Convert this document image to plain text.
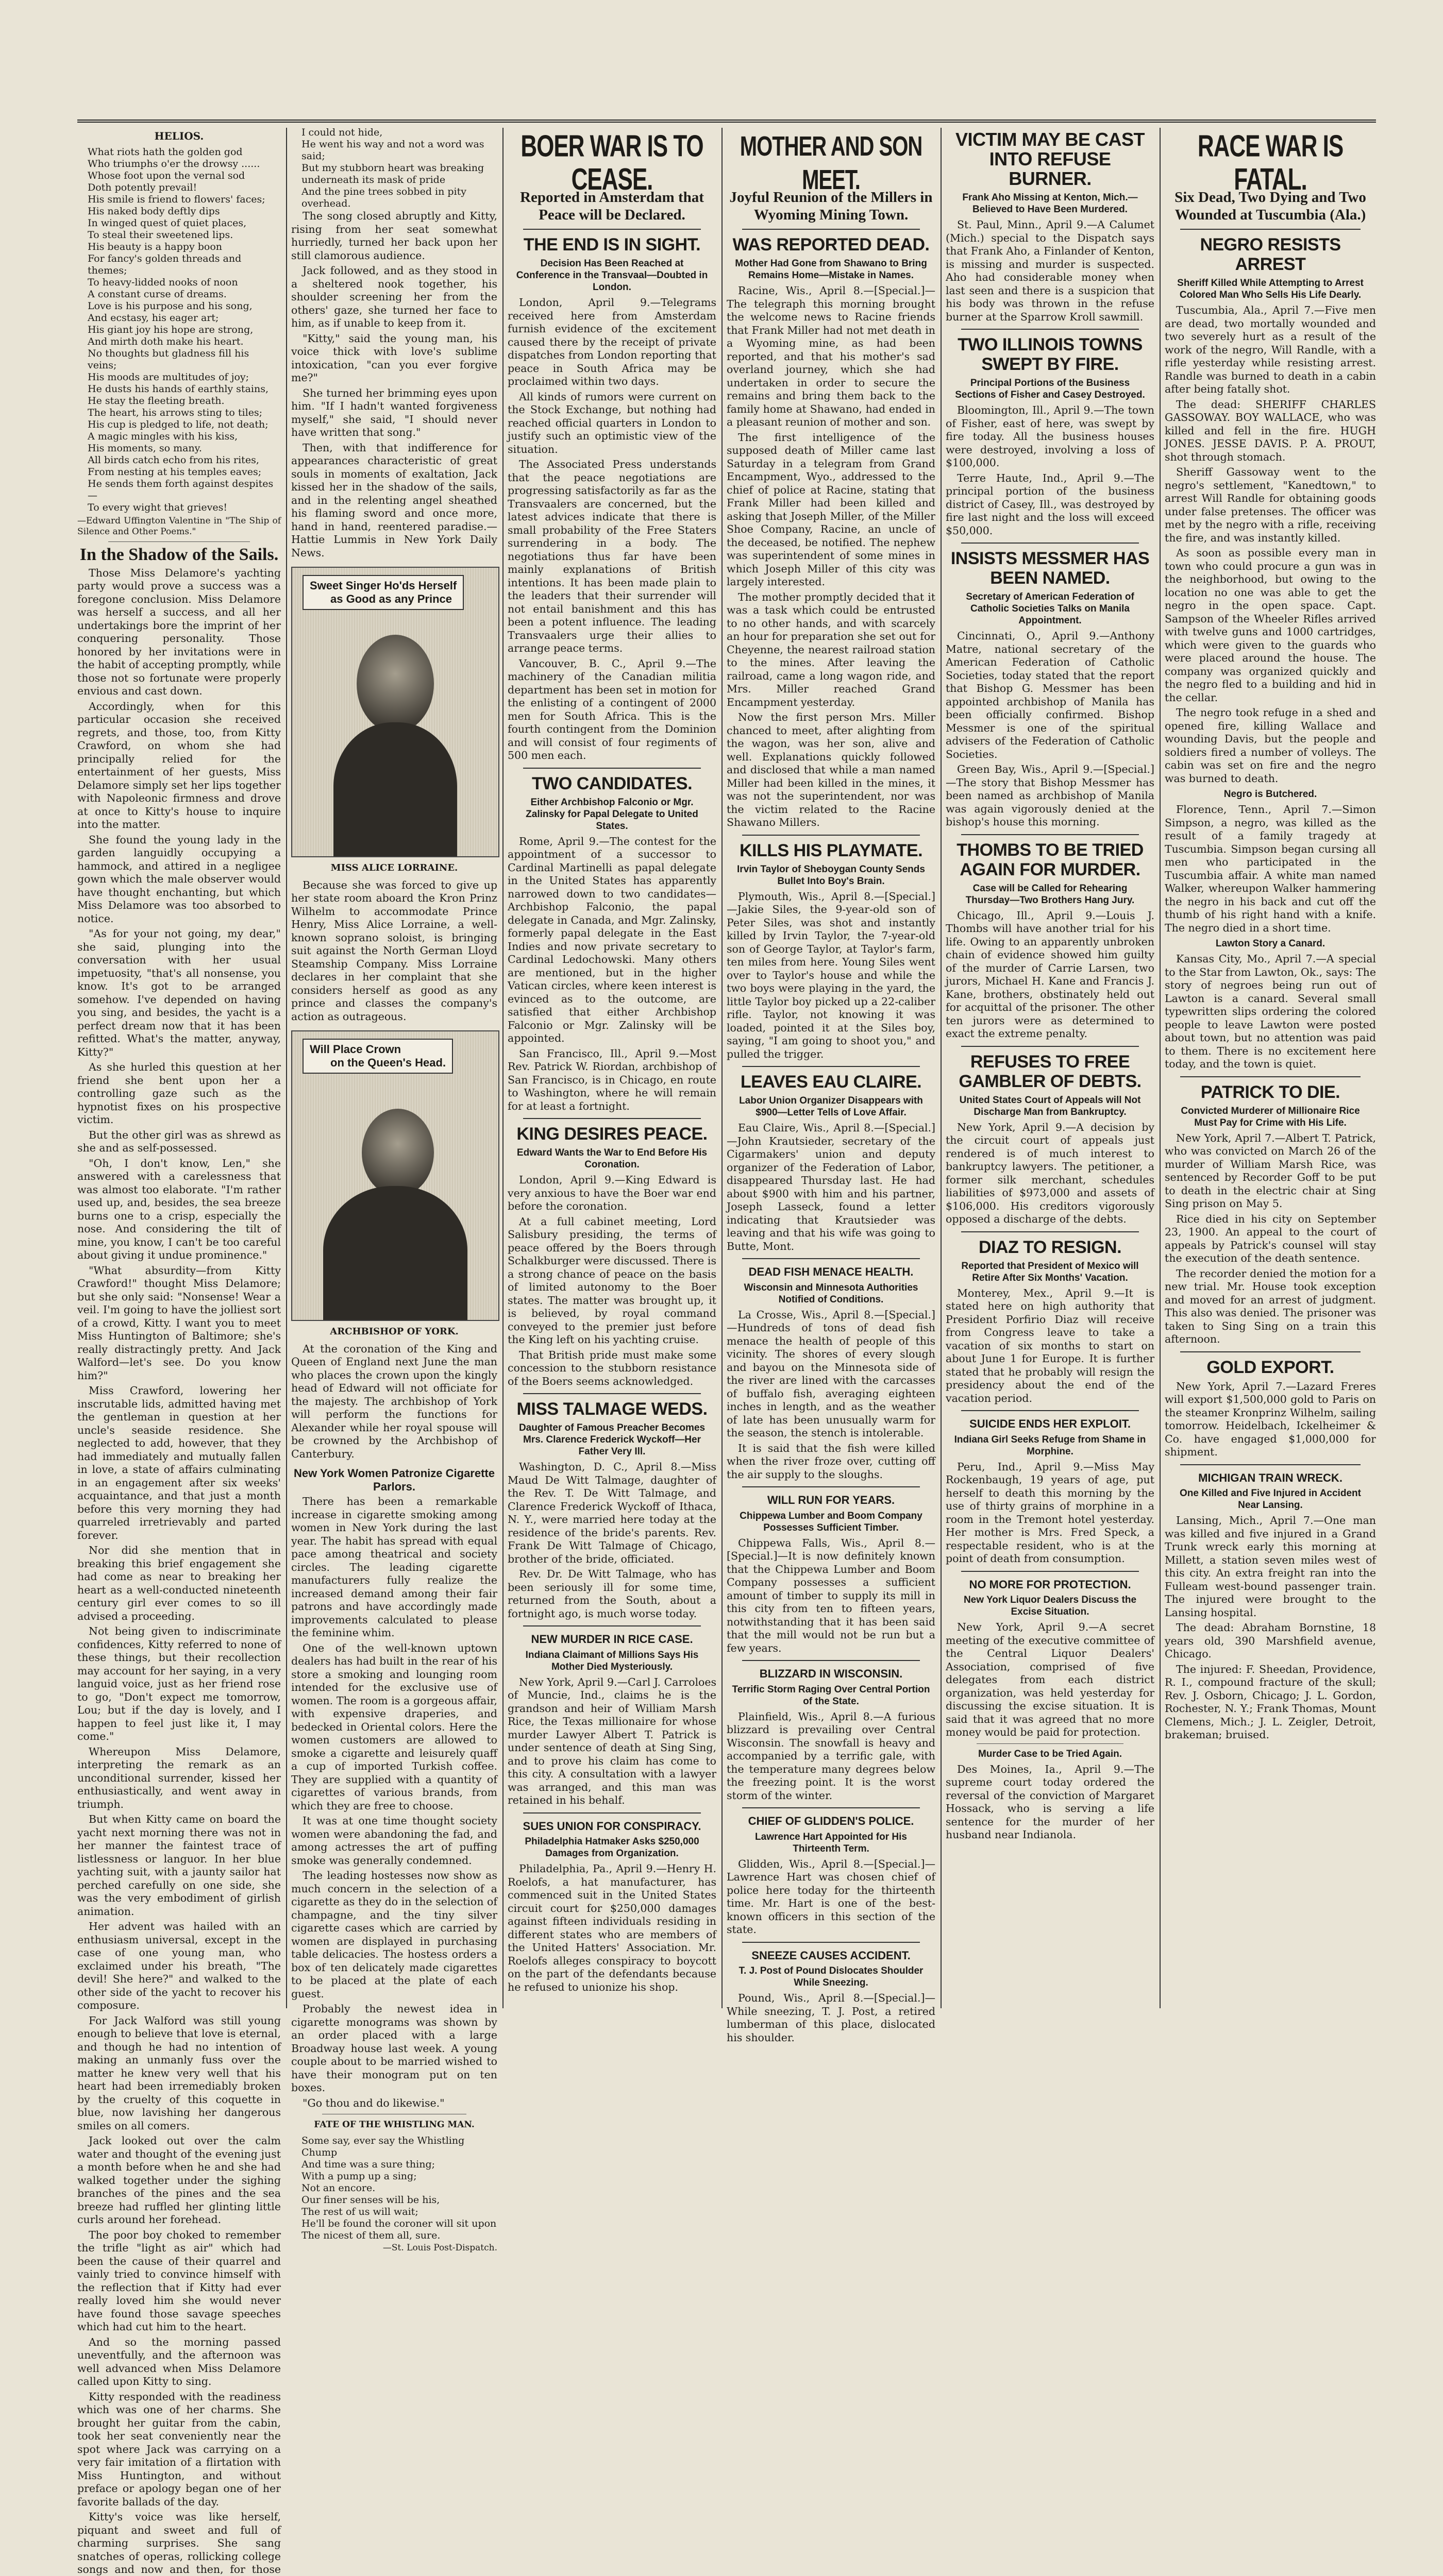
HELIOS.

What riots hath the golden god

Who triumphs o'er the drowsy ......

Whose foot upon the vernal sod

Doth potently prevail!

His smile is friend to flowers' faces;

His naked body deftly dips

In winged quest of quiet places,

To steal their sweetened lips.

His beauty is a happy boon

For fancy's golden threads and themes;

To heavy-lidded nooks of noon

A constant curse of dreams.

Love is his purpose and his song,

And ecstasy, his eager art;

His giant joy his hope are strong,

And mirth doth make his heart.

No thoughts but gladness fill his veins;

His moods are multitudes of joy;

He dusts his hands of earthly stains,

He stay the fleeting breath.

The heart, his arrows sting to tiles;

His cup is pledged to life, not death;

A magic mingles with his kiss,

His moments, so many.

All birds catch echo from his rites,

From nesting at his temples eaves;

He sends them forth against despites—

To every wight that grieves!

—Edward Uffington Valentine in "The Ship of Silence and Other Poems."
In the Shadow of the Sails.

Those Miss Delamore's yachting party would prove a success was a foregone conclusion. Miss Delamore was herself a success, and all her undertakings bore the imprint of her conquering personality. Those honored by her invitations were in the habit of accepting promptly, while those not so fortunate were properly envious and cast down.

Accordingly, when for this particular occasion she received regrets, and those, too, from Kitty Crawford, on whom she had principally relied for the entertainment of her guests, Miss Delamore simply set her lips together with Napoleonic firmness and drove at once to Kitty's house to inquire into the matter.

She found the young lady in the garden languidly occupying a hammock, and attired in a negligee gown which the male observer would have thought enchanting, but which Miss Delamore was too absorbed to notice.

"As for your not going, my dear," she said, plunging into the conversation with her usual impetuosity, "that's all nonsense, you know. It's got to be arranged somehow. I've depended on having you sing, and besides, the yacht is a perfect dream now that it has been refitted. What's the matter, anyway, Kitty?"

As she hurled this question at her friend she bent upon her a controlling gaze such as the hypnotist fixes on his prospective victim.

But the other girl was as shrewd as she and as self-possessed.

"Oh, I don't know, Len," she answered with a carelessness that was almost too elaborate. "I'm rather used up, and, besides, the sea breeze burns one to a crisp, especially the nose. And considering the tilt of mine, you know, I can't be too careful about giving it undue prominence."

"What absurdity—from Kitty Crawford!" thought Miss Delamore; but she only said: "Nonsense! Wear a veil. I'm going to have the jolliest sort of a crowd, Kitty. I want you to meet Miss Huntington of Baltimore; she's really distractingly pretty. And Jack Walford—let's see. Do you know him?"

Miss Crawford, lowering her inscrutable lids, admitted having met the gentleman in question at her uncle's seaside residence. She neglected to add, however, that they had immediately and mutually fallen in love, a state of affairs culminating in an engagement after six weeks' acquaintance, and that just a month before this very morning they had quarreled irretrievably and parted forever.

Nor did she mention that in breaking this brief engagement she had come as near to breaking her heart as a well-conducted nineteenth century girl ever comes to so ill advised a proceeding.

Not being given to indiscriminate confidences, Kitty referred to none of these things, but their recollection may account for her saying, in a very languid voice, just as her friend rose to go, "Don't expect me tomorrow, Lou; but if the day is lovely, and I happen to feel just like it, I may come."

Whereupon Miss Delamore, interpreting the remark as an unconditional surrender, kissed her enthusiastically, and went away in triumph.

But when Kitty came on board the yacht next morning there was not in her manner the faintest trace of listlessness or languor. In her blue yachting suit, with a jaunty sailor hat perched carefully on one side, she was the very embodiment of girlish animation.

Her advent was hailed with an enthusiasm universal, except in the case of one young man, who exclaimed under his breath, "The devil! She here?" and walked to the other side of the yacht to recover his composure.

For Jack Walford was still young enough to believe that love is eternal, and though he had no intention of making an unmanly fuss over the matter he knew very well that his heart had been irremediably broken by the cruelty of this coquette in blue, now lavishing her dangerous smiles on all comers.

Jack looked out over the calm water and thought of the evening just a month before when he and she had walked together under the sighing branches of the pines and the sea breeze had ruffled her glinting little curls around her forehead.

The poor boy choked to remember the trifle "light as air" which had been the cause of their quarrel and vainly tried to convince himself with the reflection that if Kitty had ever really loved him she would never have found those savage speeches which had cut him to the heart.

And so the morning passed uneventfully, and the afternoon was well advanced when Miss Delamore called upon Kitty to sing.

Kitty responded with the readiness which was one of her charms. She brought her guitar from the cabin, took her seat conveniently near the spot where Jack was carrying on a very fair imitation of a flirtation with Miss Huntington, and without preface or apology began one of her favorite ballads of the day.

Kitty's voice was like herself, piquant and sweet and full of charming surprises. She sang snatches of operas, rollicking college songs and now and then, for those

I could not hide,

He went his way and not a word was said;

But my stubborn heart was breaking underneath its mask of pride

And the pine trees sobbed in pity overhead.

The song closed abruptly and Kitty, rising from her seat somewhat hurriedly, turned her back upon her still clamorous audience.

Jack followed, and as they stood in a sheltered nook together, his shoulder screening her from the others' gaze, she turned her face to him, as if unable to keep from it.

"Kitty," said the young man, his voice thick with love's sublime intoxication, "can you ever forgive me?"

She turned her brimming eyes upon him. "If I hadn't wanted forgiveness myself," she said, "I should never have written that song."

Then, with that indifference for appearances characteristic of great souls in moments of exaltation, Jack kissed her in the shadow of the sails, and in the relenting angel sheathed his flaming sword and once more, hand in hand, reentered paradise.—Hattie Lummis in New York Daily News.

Sweet Singer Ho'ds Herself
as Good as any Prince
MISS ALICE LORRAINE.

Because she was forced to give up her state room aboard the Kron Prinz Wilhelm to accommodate Prince Henry, Miss Alice Lorraine, a well-known soprano soloist, is bringing suit against the North German Lloyd Steamship Company. Miss Lorraine declares in her complaint that she considers herself as good as any prince and classes the company's action as outrageous.

Will Place Crown
on the Queen's Head.
ARCHBISHOP OF YORK.

At the coronation of the King and Queen of England next June the man who places the crown upon the kingly head of Edward will not officiate for the majesty. The archbishop of York will perform the functions for Alexander while her royal spouse will be crowned by the Archbishop of Canterbury.

New York Women Patronize Cigarette Parlors.

There has been a remarkable increase in cigarette smoking among women in New York during the last year. The habit has spread with equal pace among theatrical and society circles. The leading cigarette manufacturers fully realize the increased demand among their fair patrons and have accordingly made improvements calculated to please the feminine whim.

One of the well-known uptown dealers has had built in the rear of his store a smoking and lounging room intended for the exclusive use of women. The room is a gorgeous affair, with expensive draperies, and bedecked in Oriental colors. Here the women customers are allowed to smoke a cigarette and leisurely quaff a cup of imported Turkish coffee. They are supplied with a quantity of cigarettes of various brands, from which they are free to choose.

It was at one time thought society women were abandoning the fad, and among actresses the art of puffing smoke was generally condemned.

The leading hostesses now show as much concern in the selection of a cigarette as they do in the selection of champagne, and the tiny silver cigarette cases which are carried by women are displayed in purchasing table delicacies. The hostess orders a box of ten delicately made cigarettes to be placed at the plate of each guest.

Probably the newest idea in cigarette monograms was shown by an order placed with a large Broadway house last week. A young couple about to be married wished to have their monogram put on ten boxes.

"Go thou and do likewise."

FATE OF THE WHISTLING MAN.

Some say, ever say the Whistling Chump

And time was a sure thing;

With a pump up a sing;

Not an encore.

Our finer senses will be his,

The rest of us will wait;

He'll be found the coroner will sit upon

The nicest of them all, sure.

—St. Louis Post-Dispatch.
BOER WAR IS TO CEASE.
Reported in Amsterdam that Peace will be Declared.
THE END IS IN SIGHT.
Decision Has Been Reached at Conference in the Transvaal—Doubted in London.

London, April 9.—Telegrams received here from Amsterdam furnish evidence of the excitement caused there by the receipt of private dispatches from London reporting that peace in South Africa may be proclaimed within two days.

All kinds of rumors were current on the Stock Exchange, but nothing had reached official quarters in London to justify such an optimistic view of the situation.

The Associated Press understands that the peace negotiations are progressing satisfactorily as far as the Transvaalers are concerned, but the latest advices indicate that there is small probability of the Free Staters surrendering in a body. The negotiations thus far have been mainly explanations of British intentions. It has been made plain to the leaders that their surrender will not entail banishment and this has been a potent influence. The leading Transvaalers urge their allies to arrange peace terms.

Vancouver, B. C., April 9.—The machinery of the Canadian militia department has been set in motion for the enlisting of a contingent of 2000 men for South Africa. This is the fourth contingent from the Dominion and will consist of four regiments of 500 men each.

TWO CANDIDATES.
Either Archbishop Falconio or Mgr. Zalinsky for Papal Delegate to United States.

Rome, April 9.—The contest for the appointment of a successor to Cardinal Martinelli as papal delegate in the United States has apparently narrowed down to two candidates—Archbishop Falconio, the papal delegate in Canada, and Mgr. Zalinsky, formerly papal delegate in the East Indies and now private secretary to Cardinal Ledochowski. Many others are mentioned, but in the higher Vatican circles, where keen interest is evinced as to the outcome, are satisfied that either Archbishop Falconio or Mgr. Zalinsky will be appointed.

San Francisco, Ill., April 9.—Most Rev. Patrick W. Riordan, archbishop of San Francisco, is in Chicago, en route to Washington, where he will remain for at least a fortnight.

KING DESIRES PEACE.
Edward Wants the War to End Before His Coronation.

London, April 9.—King Edward is very anxious to have the Boer war end before the coronation.

At a full cabinet meeting, Lord Salisbury presiding, the terms of peace offered by the Boers through Schalkburger were discussed. There is a strong chance of peace on the basis of limited autonomy to the Boer states. The matter was brought up, it is believed, by royal command conveyed to the premier just before the King left on his yachting cruise.

That British pride must make some concession to the stubborn resistance of the Boers seems acknowledged.

MISS TALMAGE WEDS.
Daughter of Famous Preacher Becomes Mrs. Clarence Frederick Wyckoff—Her Father Very Ill.

Washington, D. C., April 8.—Miss Maud De Witt Talmage, daughter of the Rev. T. De Witt Talmage, and Clarence Frederick Wyckoff of Ithaca, N. Y., were married here today at the residence of the bride's parents. Rev. Frank De Witt Talmage of Chicago, brother of the bride, officiated.

Rev. Dr. De Witt Talmage, who has been seriously ill for some time, returned from the South, about a fortnight ago, is much worse today.

NEW MURDER IN RICE CASE.
Indiana Claimant of Millions Says His Mother Died Mysteriously.

New York, April 9.—Carl J. Carroloes of Muncie, Ind., claims he is the grandson and heir of William Marsh Rice, the Texas millionaire for whose murder Lawyer Albert T. Patrick is under sentence of death at Sing Sing, and to prove his claim has come to this city. A consultation with a lawyer was arranged, and this man was retained in his behalf.

SUES UNION FOR CONSPIRACY.
Philadelphia Hatmaker Asks $250,000 Damages from Organization.

Philadelphia, Pa., April 9.—Henry H. Roelofs, a hat manufacturer, has commenced suit in the United States circuit court for $250,000 damages against fifteen individuals residing in different states who are members of the United Hatters' Association. Mr. Roelofs alleges conspiracy to boycott on the part of the defendants because he refused to unionize his shop.

MOTHER AND SON MEET.
Joyful Reunion of the Millers in Wyoming Mining Town.
WAS REPORTED DEAD.
Mother Had Gone from Shawano to Bring Remains Home—Mistake in Names.

Racine, Wis., April 8.—[Special.]—The telegraph this morning brought the welcome news to Racine friends that Frank Miller had not met death in a Wyoming mine, as had been reported, and that his mother's sad overland journey, which she had undertaken in order to secure the remains and bring them back to the family home at Shawano, had ended in a pleasant reunion of mother and son.

The first intelligence of the supposed death of Miller came last Saturday in a telegram from Grand Encampment, Wyo., addressed to the chief of police at Racine, stating that Frank Miller had been killed and asking that Joseph Miller, of the Miller Shoe Company, Racine, an uncle of the deceased, be notified. The nephew was superintendent of some mines in which Joseph Miller of this city was largely interested.

The mother promptly decided that it was a task which could be entrusted to no other hands, and with scarcely an hour for preparation she set out for Cheyenne, the nearest railroad station to the mines. After leaving the railroad, came a long wagon ride, and Mrs. Miller reached Grand Encampment yesterday.

Now the first person Mrs. Miller chanced to meet, after alighting from the wagon, was her son, alive and well. Explanations quickly followed and disclosed that while a man named Miller had been killed in the mines, it was not the superintendent, nor was the victim related to the Racine Shawano Millers.

KILLS HIS PLAYMATE.
Irvin Taylor of Sheboygan County Sends Bullet Into Boy's Brain.

Plymouth, Wis., April 8.—[Special.]—Jakie Siles, the 9-year-old son of Peter Siles, was shot and instantly killed by Irvin Taylor, the 7-year-old son of George Taylor, at Taylor's farm, ten miles from here. Young Siles went over to Taylor's house and while the two boys were playing in the yard, the little Taylor boy picked up a 22-caliber rifle. Taylor, not knowing it was loaded, pointed it at the Siles boy, saying, "I am going to shoot you," and pulled the trigger.

LEAVES EAU CLAIRE.
Labor Union Organizer Disappears with $900—Letter Tells of Love Affair.

Eau Claire, Wis., April 8.—[Special.]—John Krautsieder, secretary of the Cigarmakers' union and deputy organizer of the Federation of Labor, disappeared Thursday last. He had about $900 with him and his partner, Joseph Lasseck, found a letter indicating that Krautsieder was leaving and that his wife was going to Butte, Mont.

DEAD FISH MENACE HEALTH.
Wisconsin and Minnesota Authorities Notified of Conditions.

La Crosse, Wis., April 8.—[Special.]—Hundreds of tons of dead fish menace the health of people of this vicinity. The shores of every slough and bayou on the Minnesota side of the river are lined with the carcasses of buffalo fish, averaging eighteen inches in length, and as the weather of late has been unusually warm for the season, the stench is intolerable.

It is said that the fish were killed when the river froze over, cutting off the air supply to the sloughs.

WILL RUN FOR YEARS.
Chippewa Lumber and Boom Company Possesses Sufficient Timber.

Chippewa Falls, Wis., April 8.—[Special.]—It is now definitely known that the Chippewa Lumber and Boom Company possesses a sufficient amount of timber to supply its mill in this city from ten to fifteen years, notwithstanding that it has been said that the mill would not be run but a few years.

BLIZZARD IN WISCONSIN.
Terrific Storm Raging Over Central Portion of the State.

Plainfield, Wis., April 8.—A furious blizzard is prevailing over Central Wisconsin. The snowfall is heavy and accompanied by a terrific gale, with the temperature many degrees below the freezing point. It is the worst storm of the winter.

CHIEF OF GLIDDEN'S POLICE.
Lawrence Hart Appointed for His Thirteenth Term.

Glidden, Wis., April 8.—[Special.]—Lawrence Hart was chosen chief of police here today for the thirteenth time. Mr. Hart is one of the best-known officers in this section of the state.

SNEEZE CAUSES ACCIDENT.
T. J. Post of Pound Dislocates Shoulder While Sneezing.

Pound, Wis., April 8.—[Special.]—While sneezing, T. J. Post, a retired lumberman of this place, dislocated his shoulder.

VICTIM MAY BE CAST
INTO REFUSE BURNER.
Frank Aho Missing at Kenton, Mich.—Believed to Have Been Murdered.

St. Paul, Minn., April 9.—A Calumet (Mich.) special to the Dispatch says that Frank Aho, a Finlander of Kenton, is missing and murder is suspected. Aho had considerable money when last seen and there is a suspicion that his body was thrown in the refuse burner at the Sparrow Kroll sawmill.

TWO ILLINOIS TOWNS SWEPT BY FIRE.
Principal Portions of the Business Sections of Fisher and Casey Destroyed.

Bloomington, Ill., April 9.—The town of Fisher, east of here, was swept by fire today. All the business houses were destroyed, involving a loss of $100,000.

Terre Haute, Ind., April 9.—The principal portion of the business district of Casey, Ill., was destroyed by fire last night and the loss will exceed $50,000.

INSISTS MESSMER HAS BEEN NAMED.
Secretary of American Federation of Catholic Societies Talks on Manila Appointment.

Cincinnati, O., April 9.—Anthony Matre, national secretary of the American Federation of Catholic Societies, today stated that the report that Bishop G. Messmer has been appointed archbishop of Manila has been officially confirmed. Bishop Messmer is one of the spiritual advisers of the Federation of Catholic Societies.

Green Bay, Wis., April 9.—[Special.]—The story that Bishop Messmer has been named as archbishop of Manila was again vigorously denied at the bishop's house this morning.

THOMBS TO BE TRIED AGAIN FOR MURDER.
Case will be Called for Rehearing Thursday—Two Brothers Hang Jury.

Chicago, Ill., April 9.—Louis J. Thombs will have another trial for his life. Owing to an apparently unbroken chain of evidence showed him guilty of the murder of Carrie Larsen, two jurors, Michael H. Kane and Francis J. Kane, brothers, obstinately held out for acquittal of the prisoner. The other ten jurors were as determined to exact the extreme penalty.

REFUSES TO FREE GAMBLER OF DEBTS.
United States Court of Appeals will Not Discharge Man from Bankruptcy.

New York, April 9.—A decision by the circuit court of appeals just rendered is of much interest to bankruptcy lawyers. The petitioner, a former silk merchant, schedules liabilities of $973,000 and assets of $106,000. His creditors vigorously opposed a discharge of the debts.

DIAZ TO RESIGN.
Reported that President of Mexico will Retire After Six Months' Vacation.

Monterey, Mex., April 9.—It is stated here on high authority that President Porfirio Diaz will receive from Congress leave to take a vacation of six months to start on about June 1 for Europe. It is further stated that he probably will resign the presidency about the end of the vacation period.

SUICIDE ENDS HER EXPLOIT.
Indiana Girl Seeks Refuge from Shame in Morphine.

Peru, Ind., April 9.—Miss May Rockenbaugh, 19 years of age, put herself to death this morning by the use of thirty grains of morphine in a room in the Tremont hotel yesterday. Her mother is Mrs. Fred Speck, a respectable resident, who is at the point of death from consumption.

NO MORE FOR PROTECTION.
New York Liquor Dealers Discuss the Excise Situation.

New York, April 9.—A secret meeting of the executive committee of the Central Liquor Dealers' Association, comprised of five delegates from each district organization, was held yesterday for discussing the excise situation. It is said that it was agreed that no more money would be paid for protection.

Murder Case to be Tried Again.

Des Moines, Ia., April 9.—The supreme court today ordered the reversal of the conviction of Margaret Hossack, who is serving a life sentence for the murder of her husband near Indianola.

RACE WAR IS FATAL.
Six Dead, Two Dying and Two Wounded at Tuscumbia (Ala.)
NEGRO RESISTS ARREST
Sheriff Killed While Attempting to Arrest Colored Man Who Sells His Life Dearly.

Tuscumbia, Ala., April 7.—Five men are dead, two mortally wounded and two severely hurt as a result of the work of the negro, Will Randle, with a rifle yesterday while resisting arrest. Randle was burned to death in a cabin after being fatally shot.

The dead: SHERIFF CHARLES GASSOWAY. BOY WALLACE, who was killed and fell in the fire. HUGH JONES. JESSE DAVIS. P. A. PROUT, shot through stomach.

Sheriff Gassoway went to the negro's settlement, "Kanedtown," to arrest Will Randle for obtaining goods under false pretenses. The officer was met by the negro with a rifle, receiving the fire, and was instantly killed.

As soon as possible every man in town who could procure a gun was in the neighborhood, but owing to the location no one was able to get the negro in the open space. Capt. Sampson of the Wheeler Rifles arrived with twelve guns and 1000 cartridges, which were given to the guards who were placed around the house. The company was organized quickly and the negro fled to a building and hid in the cellar.

The negro took refuge in a shed and opened fire, killing Wallace and wounding Davis, but the people and soldiers fired a number of volleys. The cabin was set on fire and the negro was burned to death.

Negro is Butchered.

Florence, Tenn., April 7.—Simon Simpson, a negro, was killed as the result of a family tragedy at Tuscumbia. Simpson began cursing all men who participated in the Tuscumbia affair. A white man named Walker, whereupon Walker hammering the negro in his back and cut off the thumb of his right hand with a knife. The negro died in a short time.

Lawton Story a Canard.

Kansas City, Mo., April 7.—A special to the Star from Lawton, Ok., says: The story of negroes being run out of Lawton is a canard. Several small typewritten slips ordering the colored people to leave Lawton were posted about town, but no attention was paid to them. There is no excitement here today, and the town is quiet.

PATRICK TO DIE.
Convicted Murderer of Millionaire Rice Must Pay for Crime with His Life.

New York, April 7.—Albert T. Patrick, who was convicted on March 26 of the murder of William Marsh Rice, was sentenced by Recorder Goff to be put to death in the electric chair at Sing Sing prison on May 5.

Rice died in his city on September 23, 1900. An appeal to the court of appeals by Patrick's counsel will stay the execution of the death sentence.

The recorder denied the motion for a new trial. Mr. House took exception and moved for an arrest of judgment. This also was denied. The prisoner was taken to Sing Sing on a train this afternoon.

GOLD EXPORT.

New York, April 7.—Lazard Freres will export $1,500,000 gold to Paris on the steamer Kronprinz Wilhelm, sailing tomorrow. Heidelbach, Ickelheimer & Co. have engaged $1,000,000 for shipment.

MICHIGAN TRAIN WRECK.
One Killed and Five Injured in Accident Near Lansing.

Lansing, Mich., April 7.—One man was killed and five injured in a Grand Trunk wreck early this morning at Millett, a station seven miles west of this city. An extra freight ran into the Fulleam west-bound passenger train. The injured were brought to the Lansing hospital.

The dead: Abraham Bornstine, 18 years old, 390 Marshfield avenue, Chicago.

The injured: F. Sheedan, Providence, R. I., compound fracture of the skull; Rev. J. Osborn, Chicago; J. L. Gordon, Rochester, N. Y.; Frank Thomas, Mount Clemens, Mich.; J. L. Zeigler, Detroit, brakeman; bruised.
